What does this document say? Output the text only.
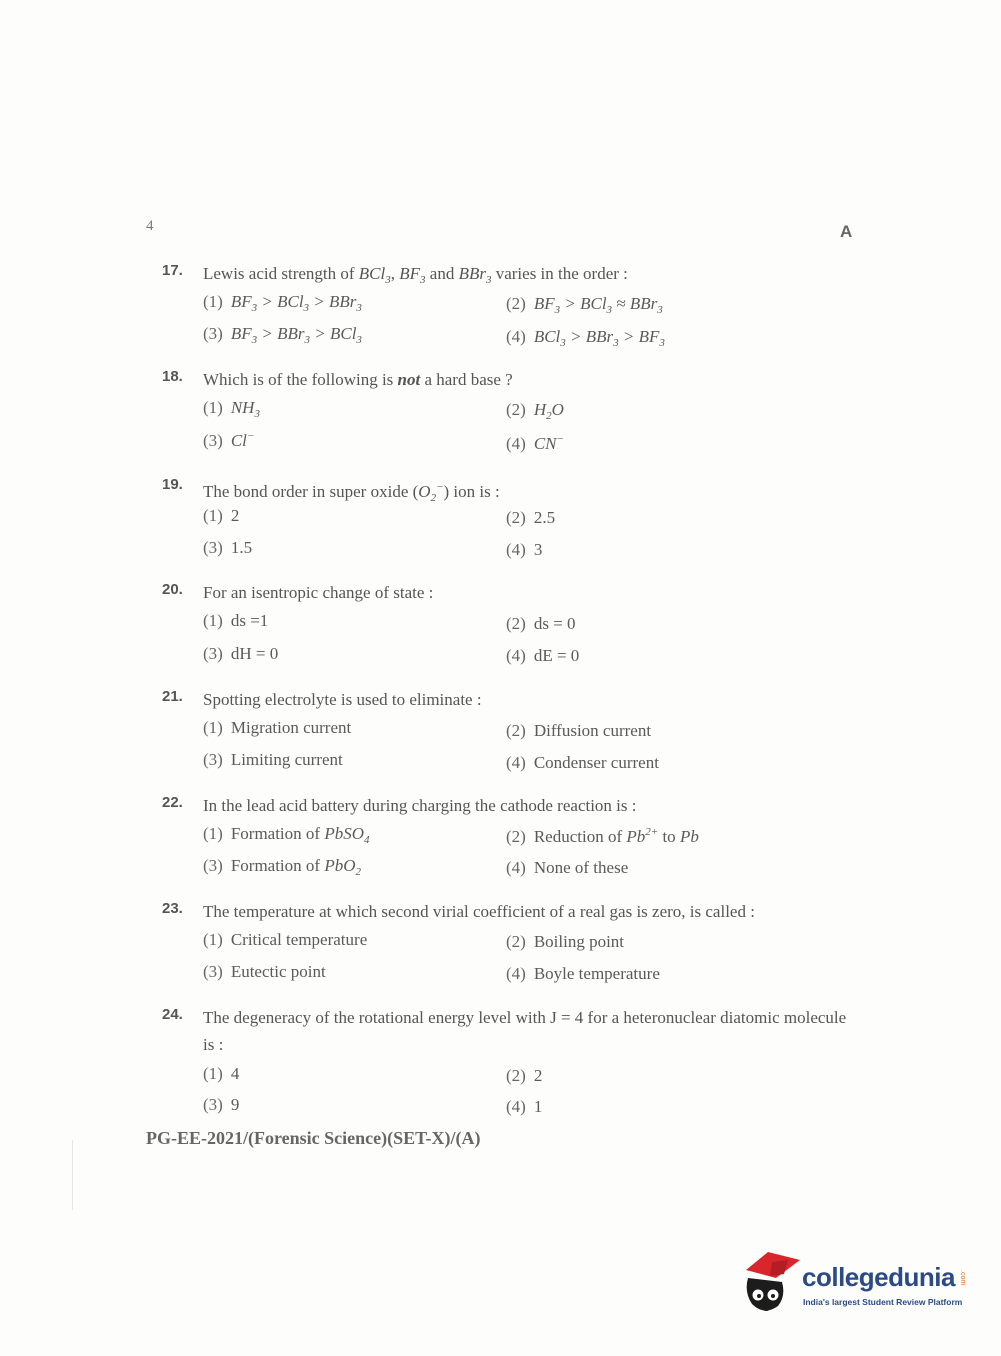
4	A
17. Lewis acid strength of BCl$_3$, $BF_3$ and BBr$_3$ varies in the order :
(1) $BF_3 > BCl_3 > BBr_3$	(2) $BF_3 > BCl_3 \approx BBr_3$
(3) $BF_3 > BBr_3 > BCl_3$	(4) $BCl_3 > BBr_3 > BF_3$
18. Which is of the following is not a hard base ?
(1) $NH_3$	(2) $H_2O$
(3) Cl−	(4) CN−
19. The bond order in super oxide $(O_2^-)$ ion is :
(1) 2	(2) 2.5
(3) 1.5	(4) 3
20. For an isentropic change of state :
(1) ds =1	(2) ds = 0
(3) dH = 0	(4) dE = 0
21. Spotting electrolyte is used to eliminate :
(1) Migration current	(2) Diffusion current
(3) Limiting current	(4) Condenser current
22. In the lead acid battery during charging the cathode reaction is :
(1) Formation of PbSO$_4$	(2) Reduction of $Pb^{2+}$ to Pb
(3) Formation of PbO$_2$	(4) None of these
23. The temperature at which second virial coefficient of a real gas is zero, is called :
(1) Critical temperature	(2) Boiling point
(3) Eutectic point	(4) Boyle temperature
24. The degeneracy of the rotational energy level with J = 4 for a heteronuclear diatomic molecule is :
(1) 4	(2) 2
(3) 9	(4) 1
PG-EE-2021/(Forensic Science)(SET-X)/(A)
collegedunia .com
India's largest Student Review Platform
